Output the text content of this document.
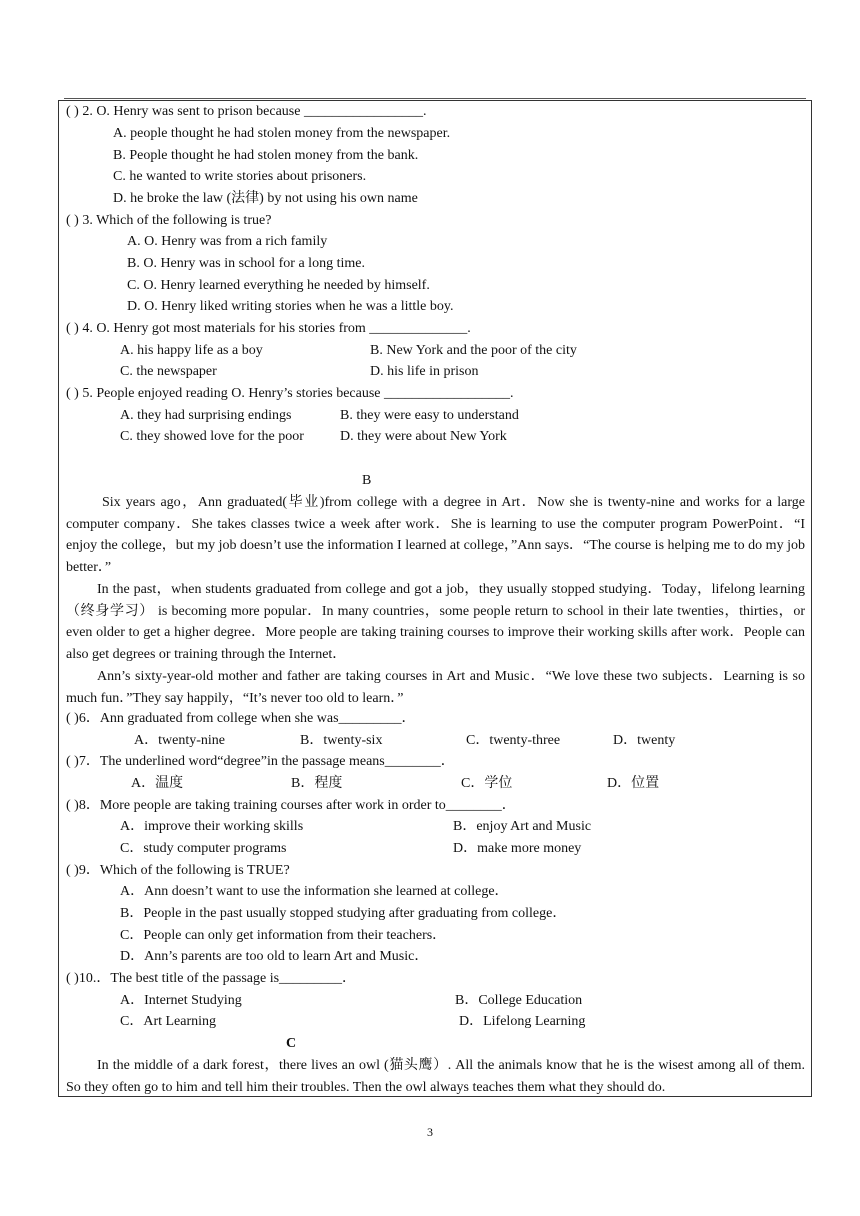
( ) 2. O. Henry was sent to prison because _________________.
A. people thought he had stolen money from the newspaper.
B. People thought he had stolen money from the bank.
C. he wanted to write stories about prisoners.
D. he broke the law (法律) by not using his own name
( ) 3. Which of the following is true?
A. O. Henry was from a rich family
B. O. Henry was in school for a long time.
C. O. Henry learned everything he needed by himself.
D. O. Henry liked writing stories when he was a little boy.
( ) 4. O. Henry got most materials for his stories from ______________.
A. his happy life as a boy	B. New York and the poor of the city
C. the newspaper	D. his life in prison
( ) 5. People enjoyed reading O. Henry’s stories because __________________.
A. they had surprising endings	B. they were easy to understand
C. they showed love for the poor	D. they were about New York
B
Six years ago，Ann graduated(毕业)from college with a degree in Art．Now she is twenty-nine and works for a large computer company．She takes classes twice a week after work．She is learning to use the computer program PowerPoint．“I enjoy the college，but my job doesn’t use the information I learned at college，”Ann says．“The course is helping me to do my job better．”
In the past，when students graduated from college and got a job，they usually stopped studying．Today，lifelong learning（终身学习） is becoming more popular．In many countries，some people return to school in their late twenties，thirties，or even older to get a higher degree．More people are taking training courses to improve their working skills after work．People can also get degrees or training through the Internet．
Ann’s sixty-year-old mother and father are taking courses in Art and Music．“We love these two subjects．Learning is so much fun．”They say happily，“It’s never too old to learn．”
( )6．Ann graduated from college when she was_________．
A．twenty-nine	B．twenty-six	C．twenty-three	D．twenty
( )7．The underlined word“degree”in the passage means________．
A．温度	B．程度	C．学位	D．位置
( )8．More people are taking training courses after work in order to________．
A．improve their working skills	B．enjoy Art and Music
C．study computer programs	D．make more money
( )9．Which of the following is TRUE?
A．Ann doesn’t want to use the information she learned at college．
B．People in the past usually stopped studying after graduating from college．
C．People can only get information from their teachers．
D．Ann’s parents are too old to learn Art and Music．
( )10.．The best title of the passage is_________．
A．Internet Studying	B．College Education
C．Art Learning	D．Lifelong Learning
C
In the middle of a dark forest，there lives an owl (猫头鹰）. All the animals know that he is the wisest among all of them. So they often go to him and tell him their troubles. Then the owl always teaches them what they should do.
3
